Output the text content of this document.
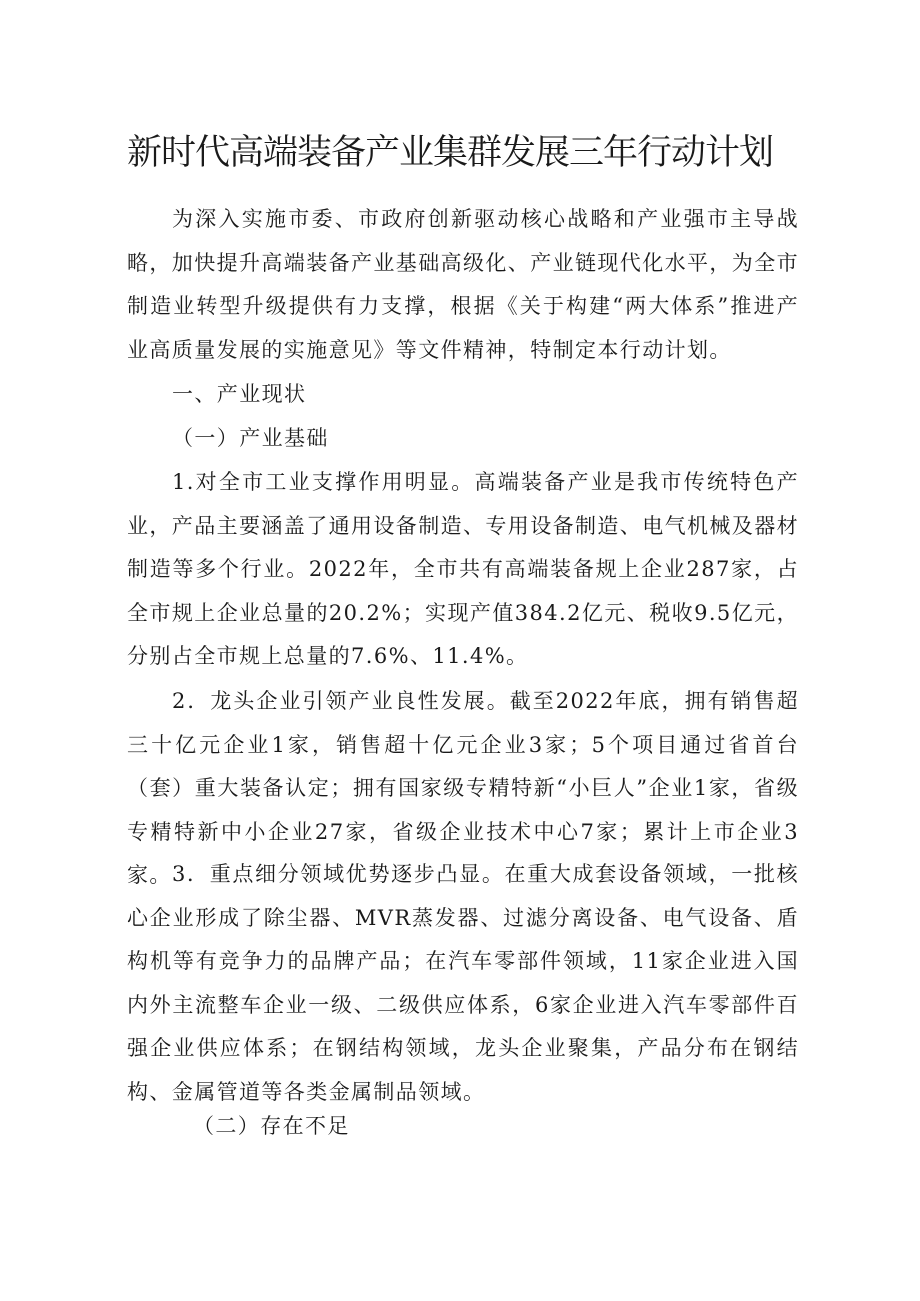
新时代高端装备产业集群发展三年行动计划

为深入实施市委、市政府创新驱动核心战略和产业强市主导战略，加快提升高端装备产业基础高级化、产业链现代化水平，为全市制造业转型升级提供有力支撑，根据《关于构建“两大体系”推进产业高质量发展的实施意见》等文件精神，特制定本行动计划。

一、产业现状

（一）产业基础

1.对全市工业支撑作用明显。高端装备产业是我市传统特色产业，产品主要涵盖了通用设备制造、专用设备制造、电气机械及器材制造等多个行业。2022年，全市共有高端装备规上企业287家，占全市规上企业总量的20.2%；实现产值384.2亿元、税收9.5亿元，分别占全市规上总量的7.6%、11.4%。

2．龙头企业引领产业良性发展。截至2022年底，拥有销售超三十亿元企业1家，销售超十亿元企业3家；5个项目通过省首台（套）重大装备认定；拥有国家级专精特新“小巨人”企业1家，省级专精特新中小企业27家，省级企业技术中心7家；累计上市企业3家。 3．重点细分领域优势逐步凸显。在重大成套设备领域，一批核心企业形成了除尘器、MVR蒸发器、过滤分离设备、电气设备、盾构机等有竞争力的品牌产品；在汽车零部件领域，11家企业进入国内外主流整车企业一级、二级供应体系，6家企业进入汽车零部件百强企业供应体系；在钢结构领域，龙头企业聚集，产品分布在钢结构、金属管道等各类金属制品领域。

（二）存在不足
